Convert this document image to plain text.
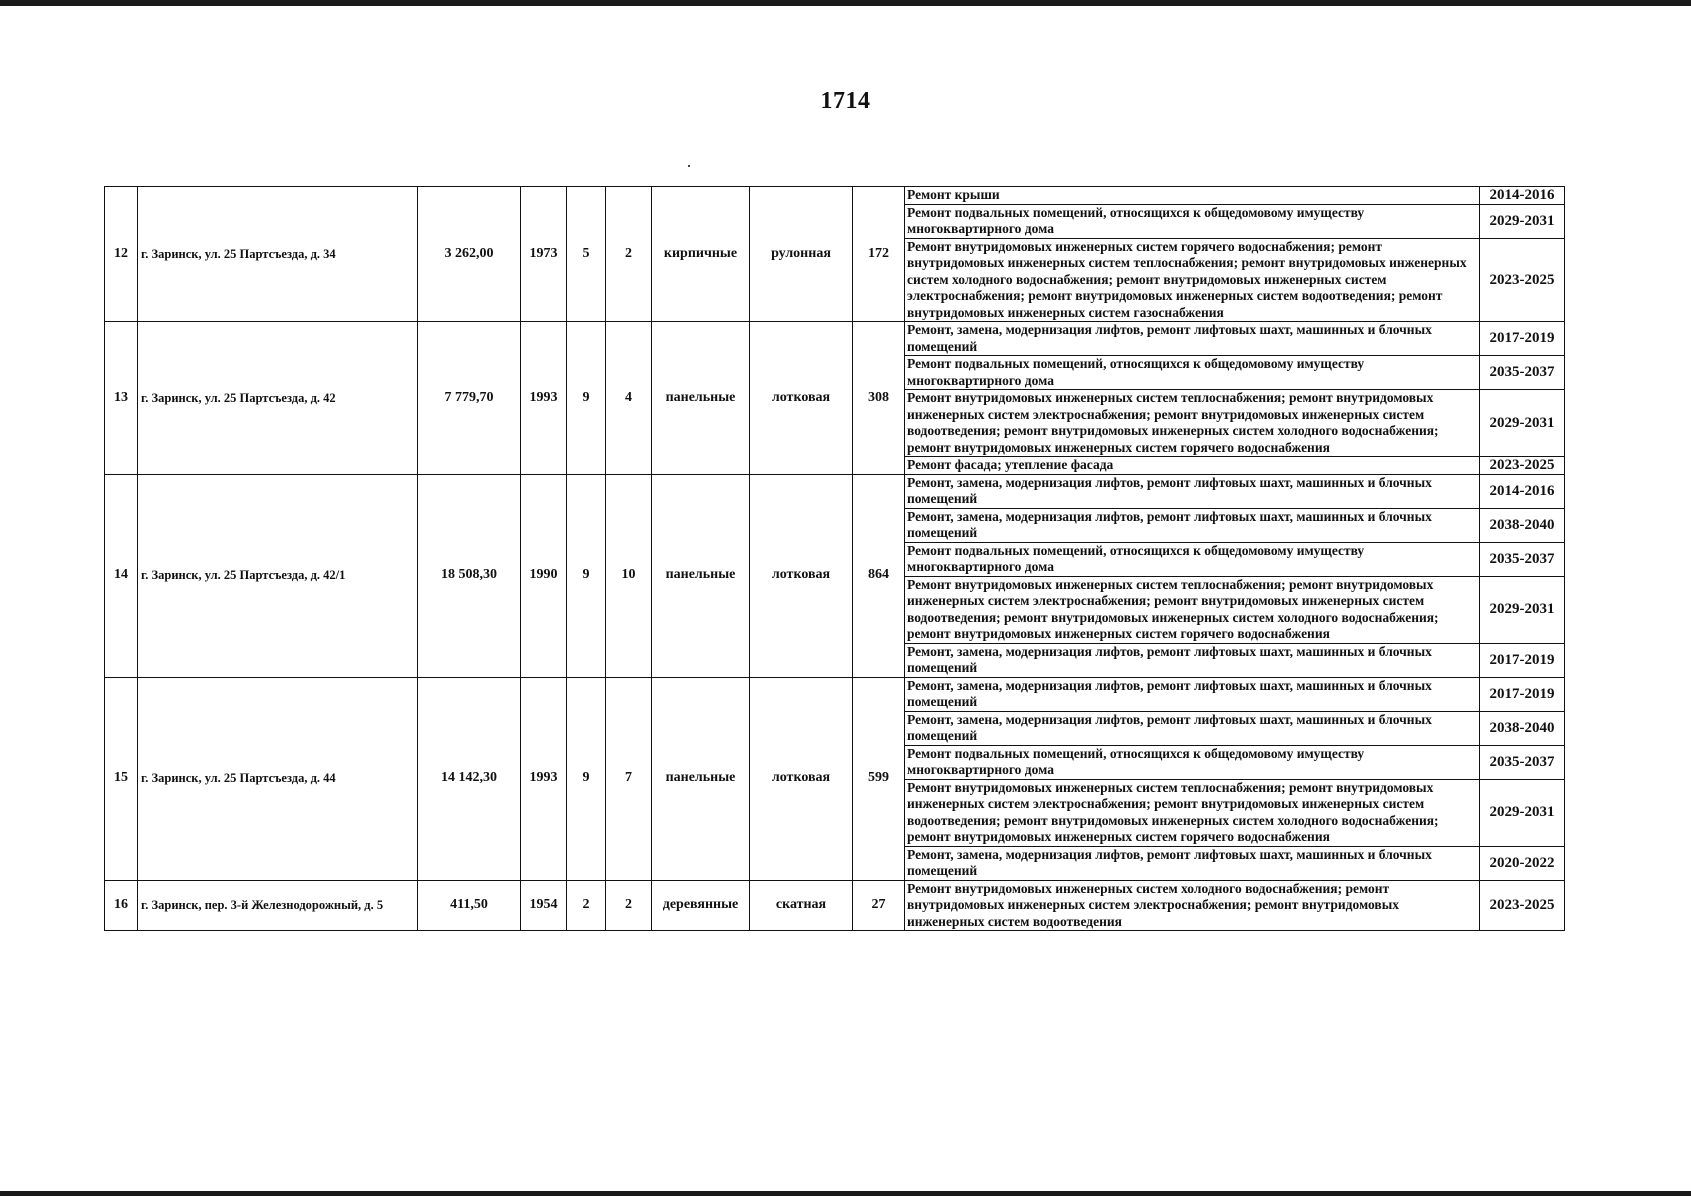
1714
12	г. Заринск, ул. 25 Партсъезда, д. 34	3 262,00	1973	5	2	кирпичные	рулонная	172	Ремонт крыши	2014-2016
									Ремонт подвальных помещений, относящихся к общедомовому имуществу многоквартирного дома	2029-2031
									Ремонт внутридомовых инженерных систем горячего водоснабжения; ремонт внутридомовых инженерных систем теплоснабжения; ремонт внутридомовых инженерных систем холодного водоснабжения; ремонт внутридомовых инженерных систем электроснабжения; ремонт внутридомовых инженерных систем водоотведения; ремонт внутридомовых инженерных систем газоснабжения	2023-2025
13	г. Заринск, ул. 25 Партсъезда, д. 42	7 779,70	1993	9	4	панельные	лотковая	308	Ремонт, замена, модернизация лифтов, ремонт лифтовых шахт, машинных и блочных помещений	2017-2019
									Ремонт подвальных помещений, относящихся к общедомовому имуществу многоквартирного дома	2035-2037
									Ремонт внутридомовых инженерных систем теплоснабжения; ремонт внутридомовых инженерных систем электроснабжения; ремонт внутридомовых инженерных систем водоотведения; ремонт внутридомовых инженерных систем холодного водоснабжения; ремонт внутридомовых инженерных систем горячего водоснабжения	2029-2031
									Ремонт фасада; утепление фасада	2023-2025
14	г. Заринск, ул. 25 Партсъезда, д. 42/1	18 508,30	1990	9	10	панельные	лотковая	864	Ремонт, замена, модернизация лифтов, ремонт лифтовых шахт, машинных и блочных помещений	2014-2016
									Ремонт, замена, модернизация лифтов, ремонт лифтовых шахт, машинных и блочных помещений	2038-2040
									Ремонт подвальных помещений, относящихся к общедомовому имуществу многоквартирного дома	2035-2037
									Ремонт внутридомовых инженерных систем теплоснабжения; ремонт внутридомовых инженерных систем электроснабжения; ремонт внутридомовых инженерных систем водоотведения; ремонт внутридомовых инженерных систем холодного водоснабжения; ремонт внутридомовых инженерных систем горячего водоснабжения	2029-2031
									Ремонт, замена, модернизация лифтов, ремонт лифтовых шахт, машинных и блочных помещений	2017-2019
15	г. Заринск, ул. 25 Партсъезда, д. 44	14 142,30	1993	9	7	панельные	лотковая	599	Ремонт, замена, модернизация лифтов, ремонт лифтовых шахт, машинных и блочных помещений	2017-2019
									Ремонт, замена, модернизация лифтов, ремонт лифтовых шахт, машинных и блочных помещений	2038-2040
									Ремонт подвальных помещений, относящихся к общедомовому имуществу многоквартирного дома	2035-2037
									Ремонт внутридомовых инженерных систем теплоснабжения; ремонт внутридомовых инженерных систем электроснабжения; ремонт внутридомовых инженерных систем водоотведения; ремонт внутридомовых инженерных систем холодного водоснабжения; ремонт внутридомовых инженерных систем горячего водоснабжения	2029-2031
									Ремонт, замена, модернизация лифтов, ремонт лифтовых шахт, машинных и блочных помещений	2020-2022
16	г. Заринск, пер. 3-й Железнодорожный, д. 5	411,50	1954	2	2	деревянные	скатная	27	Ремонт внутридомовых инженерных систем холодного водоснабжения; ремонт внутридомовых инженерных систем электроснабжения; ремонт внутридомовых инженерных систем водоотведения	2023-2025
